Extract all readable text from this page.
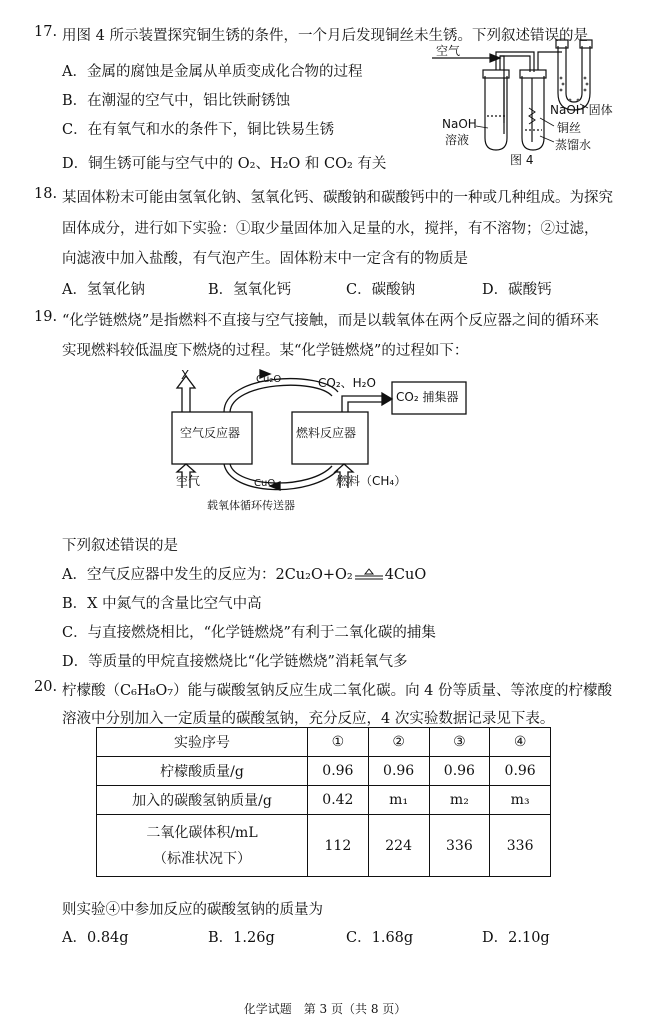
17. 用图 4 所示装置探究铜生锈的条件，一个月后发现铜丝未生锈。下列叙述错误的是
A．金属的腐蚀是金属从单质变成化合物的过程
B．在潮湿的空气中，铝比铁耐锈蚀
C．在有氧气和水的条件下，铜比铁易生锈
D．铜生锈可能与空气中的 O₂、H₂O 和 CO₂ 有关
空气
NaOH 固体
NaOH
溶液
铜丝
蒸馏水
图 4
18. 某固体粉末可能由氢氧化钠、氢氧化钙、碳酸钠和碳酸钙中的一种或几种组成。为探究
固体成分，进行如下实验：①取少量固体加入足量的水，搅拌，有不溶物；②过滤，
向滤液中加入盐酸，有气泡产生。固体粉末中一定含有的物质是
A．氢氧化钠	B．氢氧化钙	C．碳酸钠	D．碳酸钙
19. “化学链燃烧”是指燃料不直接与空气接触，而是以载氧体在两个反应器之间的循环来
实现燃料较低温度下燃烧的过程。某“化学链燃烧”的过程如下：
X	Cu₂O	CO₂、H₂O
CO₂ 捕集器
空气反应器	燃料反应器
CuO
空气	燃料（CH₄）
载氧体循环传送器
下列叙述错误的是
A．空气反应器中发生的反应为：2Cu₂O+O₂ 4CuO
B．X 中氮气的含量比空气中高
C．与直接燃烧相比，“化学链燃烧”有利于二氧化碳的捕集
D．等质量的甲烷直接燃烧比“化学链燃烧”消耗氧气多
20. 柠檬酸（C₆H₈O₇）能与碳酸氢钠反应生成二氧化碳。向 4 份等质量、等浓度的柠檬酸
溶液中分别加入一定质量的碳酸氢钠，充分反应，4 次实验数据记录见下表。
实验序号	①	②	③	④
柠檬酸质量/g	0.96	0.96	0.96	0.96
加入的碳酸氢钠质量/g	0.42	m₁	m₂	m₃

二氧化碳体积/mL
（标准状况下）	112	224	336	336
则实验④中参加反应的碳酸氢钠的质量为
A．0.84g	B．1.26g	C．1.68g	D．2.10g
化学试题　第 3 页（共 8 页）
